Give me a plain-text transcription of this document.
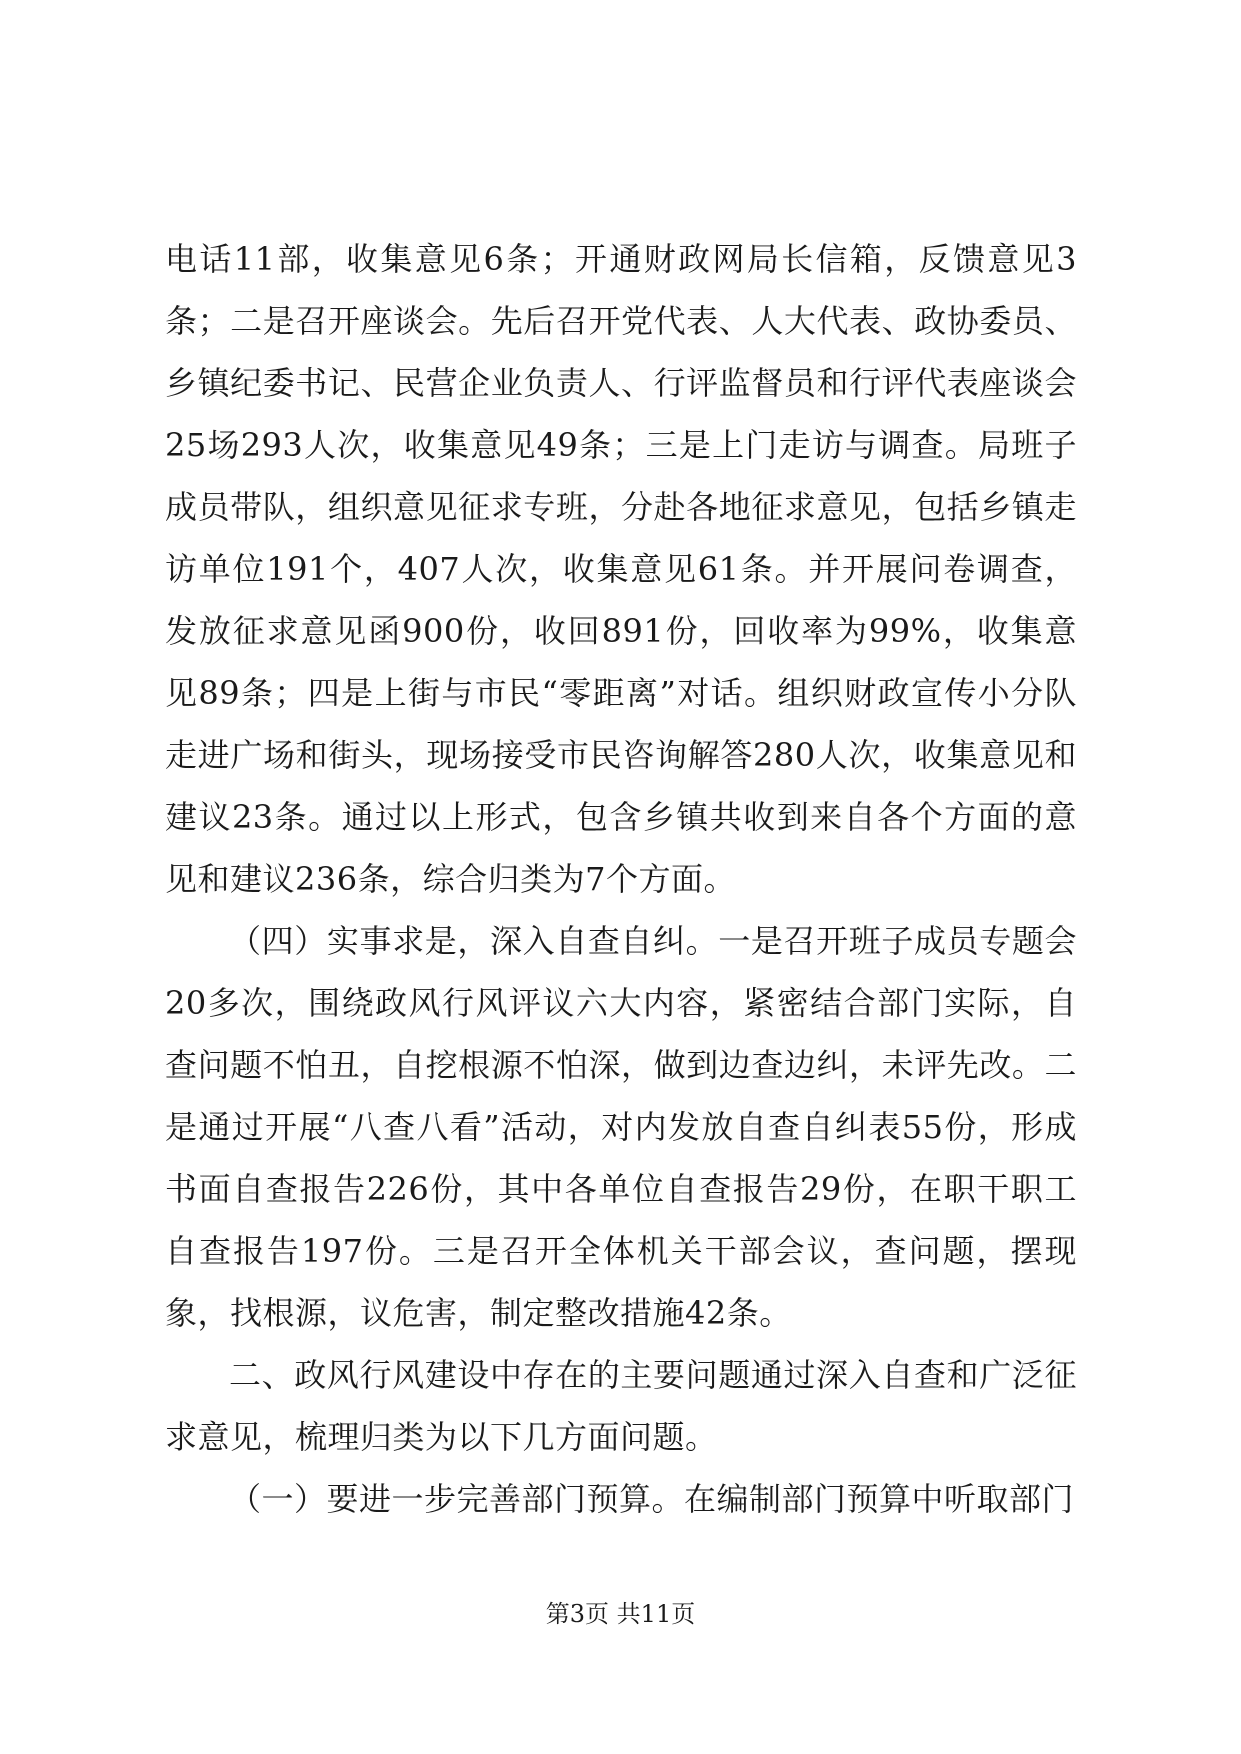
电话11部，收集意见6条；开通财政网局长信箱，反馈意见3条；二是召开座谈会。先后召开党代表、人大代表、政协委员、乡镇纪委书记、民营企业负责人、行评监督员和行评代表座谈会25场293人次，收集意见49条；三是上门走访与调查。局班子成员带队，组织意见征求专班，分赴各地征求意见，包括乡镇走访单位191个，407人次，收集意见61条。并开展问卷调查，发放征求意见函900份，收回891份，回收率为99%，收集意见89条；四是上街与市民“零距离”对话。组织财政宣传小分队走进广场和街头，现场接受市民咨询解答280人次，收集意见和建议23条。通过以上形式，包含乡镇共收到来自各个方面的意见和建议236条，综合归类为7个方面。

（四）实事求是，深入自查自纠。一是召开班子成员专题会20多次，围绕政风行风评议六大内容，紧密结合部门实际，自查问题不怕丑，自挖根源不怕深，做到边查边纠，未评先改。二是通过开展“八查八看”活动，对内发放自查自纠表55份，形成书面自查报告226份，其中各单位自查报告29份，在职干职工自查报告197份。三是召开全体机关干部会议，查问题，摆现象，找根源，议危害，制定整改措施42条。

二、政风行风建设中存在的主要问题通过深入自查和广泛征求意见，梳理归类为以下几方面问题。

（一）要进一步完善部门预算。在编制部门预算中听取部门

第3页 共11页
